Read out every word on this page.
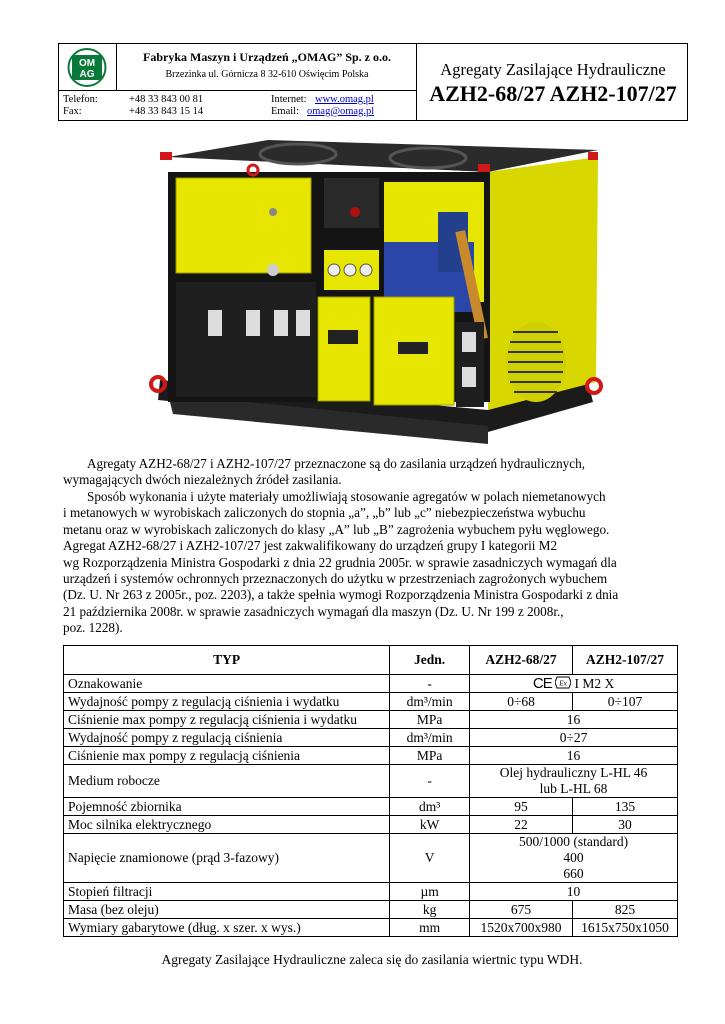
OM
AG
Fabryka Maszyn i Urządzeń „OMAG” Sp. z o.o.
Brzezinka ul. Górnicza 8 32-610 Oświęcim Polska
Telefon:	+48 33 843 00 81
Fax:	+48 33 843 15 14
Internet: www.omag.pl
Email: omag@omag.pl
Agregaty Zasilające Hydrauliczne
AZH2-68/27 AZH2-107/27
Agregaty AZH2-68/27 i AZH2-107/27 przeznaczone są do zasilania urządzeń hydraulicznych,
wymagających dwóch niezależnych źródeł zasilania.
Sposób wykonania i użyte materiały umożliwiają stosowanie agregatów w polach niemetanowych
i metanowych w wyrobiskach zaliczonych do stopnia „a”, „b” lub „c” niebezpieczeństwa wybuchu
metanu oraz w wyrobiskach zaliczonych do klasy „A” lub „B” zagrożenia wybuchem pyłu węglowego.
Agregat AZH2-68/27 i AZH2-107/27 jest zakwalifikowany do urządzeń grupy I kategorii M2
wg Rozporządzenia Ministra Gospodarki z dnia 22 grudnia 2005r. w sprawie zasadniczych wymagań dla
urządzeń i systemów ochronnych przeznaczonych do użytku w przestrzeniach zagrożonych wybuchem
(Dz. U. Nr 263 z 2005r., poz. 2203), a także spełnia wymogi Rozporządzenia Ministra Gospodarki z dnia
21 października 2008r. w sprawie zasadniczych wymagań dla maszyn (Dz. U. Nr 199 z 2008r.,
poz. 1228).
TYP	Jedn.	AZH2-68/27	AZH2-107/27
Oznakowanie	-	CE Ex I M2 X	
Wydajność pompy z regulacją ciśnienia i wydatku	dm³/min	0÷68	0÷107
Ciśnienie max pompy z regulacją ciśnienia i wydatku	MPa	16	
Wydajność pompy z regulacją ciśnienia	dm³/min	0÷27	
Ciśnienie max pompy z regulacją ciśnienia	MPa	16	
Medium robocze	-	Olej hydrauliczny L-HL 46
lub L-HL 68	

Pojemność zbiornika	dm³	95	135
Moc silnika elektrycznego	kW	22	30
Napięcie znamionowe (prąd 3-fazowy)	V	500/1000 (standard)
400
660	

Stopień filtracji	µm	10	
Masa (bez oleju)	kg	675	825
Wymiary gabarytowe (dług. x szer. x wys.)	mm	1520x700x980	1615x750x1050
Agregaty Zasilające Hydrauliczne zaleca się do zasilania wiertnic typu WDH.
